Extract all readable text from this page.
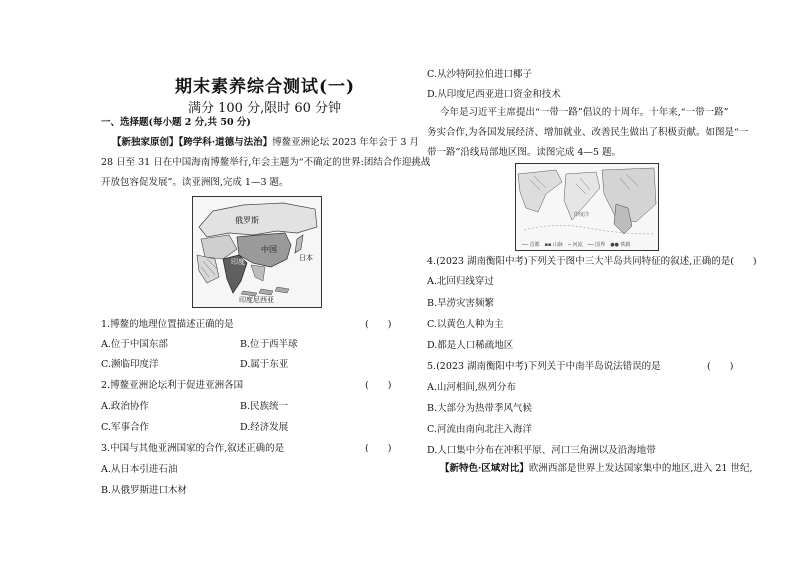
期末素养综合测试(一)
满分 100 分,限时 60 分钟
一、选择题(每小题 2 分,共 50 分)
【新独家原创】【跨学科·道德与法治】博鳌亚洲论坛 2023 年年会于 3 月
28 日至 31 日在中国海南博鳌举行,年会主题为“不确定的世界:团结合作迎挑战
开放包容促发展”。读亚洲图,完成 1—3 题。
俄罗斯
中国
日本
印度
印度尼西亚
1.博鳌的地理位置描述正确的是	(　　)
A.位于中国东部	B.位于西半球
C.濒临印度洋	D.属于东亚
2.博鳌亚洲论坛利于促进亚洲各国	(　　)
A.政治协作	B.民族统一
C.军事合作	D.经济发展
3.中国与其他亚洲国家的合作,叙述正确的是	(　　)
A.从日本引进石油
B.从俄罗斯进口木材
C.从沙特阿拉伯进口椰子
D.从印度尼西亚进口资金和技术
今年是习近平主席提出“一带一路”倡议的十周年。十年来,“一带一路”
务实合作,为各国发展经济、增加就业、改善民生做出了积极贡献。如图是“一
带一路”沿线局部地区图。读图完成 4—5 题。
印度洋
── 首都　▪▪ 山脉　─ 河流　── 国界　●● 铁路
4.(2023 湖南衡阳中考)下列关于图中三大半岛共同特征的叙述,正确的是(　　)
A.北回归线穿过
B.旱涝灾害频繁
C.以黄色人种为主
D.都是人口稀疏地区
5.(2023 湖南衡阳中考)下列关于中南半岛说法错误的是	(　　)
A.山河相间,纵列分布
B.大部分为热带季风气候
C.河流由南向北注入海洋
D.人口集中分布在冲积平原、河口三角洲以及沿海地带
【新特色·区域对比】欧洲西部是世界上发达国家集中的地区,进入 21 世纪,
